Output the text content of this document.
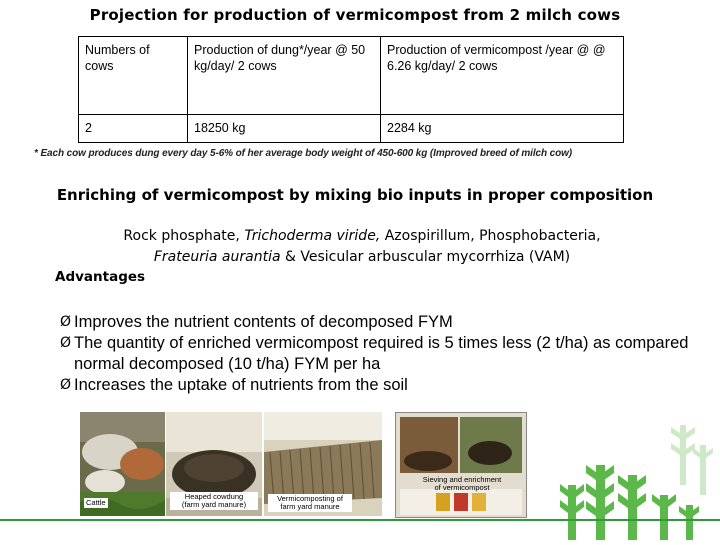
Projection for production of vermicompost from 2 milch cows
Numbers of cows	Production of dung*/year @ 50 kg/day/ 2 cows	Production of vermicompost /year @ @ 6.26 kg/day/ 2 cows
2	18250 kg	2284 kg
* Each cow produces dung every day 5-6% of her average body weight of 450-600 kg (Improved breed of milch cow)
Enriching of vermicompost by mixing bio inputs in proper composition
Rock phosphate, Trichoderma viride, Azospirillum, Phosphobacteria,
Frateuria aurantia & Vesicular arbuscular mycorrhiza (VAM)
Advantages
Ø Improves the nutrient contents of decomposed FYM
Ø The quantity of enriched vermicompost required is 5 times less (2 t/ha) as compared normal decomposed (10 t/ha) FYM per ha
Ø Increases the uptake of nutrients from the soil
Cattle
Heaped cowdung
(farm yard manure)
Vermicomposting of
farm yard manure
Sieving and enrichment
of vermicompost
